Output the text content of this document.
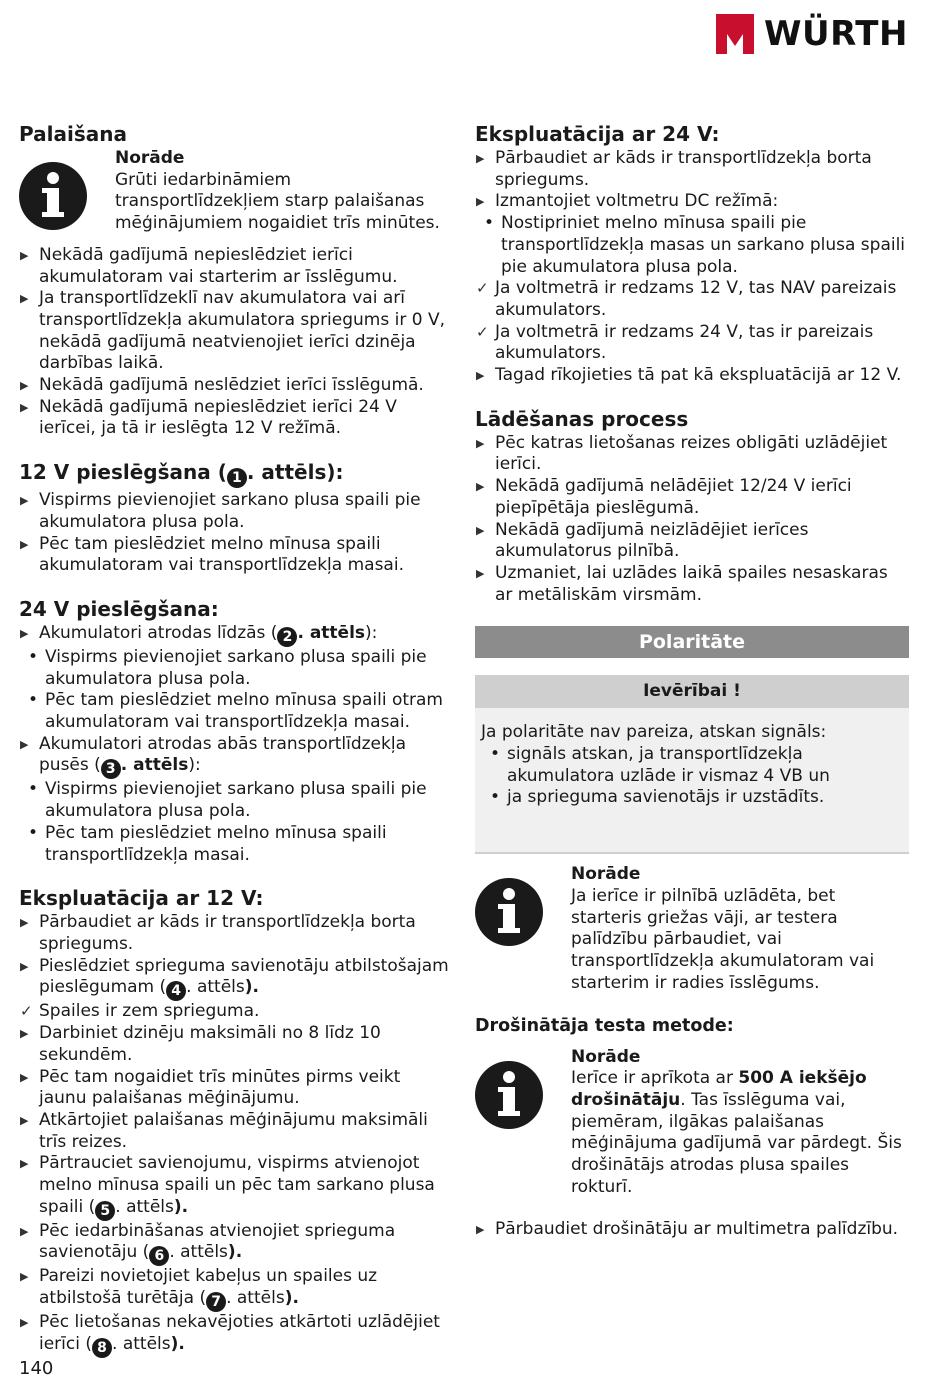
WÜRTH
Palaišana
Norāde
Grūti iedarbināmiem transportlīdzekļiem starp palaišanas mēģinājumiem nogaidiet trīs minūtes.
▶ Nekādā gadījumā nepieslēdziet ierīci akumulatoram vai starterim ar īsslēgumu.
▶ Ja transportlīdzeklī nav akumulatora vai arī transportlīdzekļa akumulatora spriegums ir 0 V, nekādā gadījumā neatvienojiet ierīci dzinēja darbības laikā.
▶ Nekādā gadījumā neslēdziet ierīci īsslēgumā.
▶ Nekādā gadījumā nepieslēdziet ierīci 24 V ierīcei, ja tā ir ieslēgta 12 V režīmā.
12 V pieslēgšana ( 1 . attēls):
▶ Vispirms pievienojiet sarkano plusa spaili pie akumulatora plusa pola.
▶ Pēc tam pieslēdziet melno mīnusa spaili akumulatoram vai transportlīdzekļa masai.
24 V pieslēgšana:
▶ Akumulatori atrodas līdzās ( 2 . attēls):
• Vispirms pievienojiet sarkano plusa spaili pie akumulatora plusa pola.
• Pēc tam pieslēdziet melno mīnusa spaili otram akumulatoram vai transportlīdzekļa masai.
▶ Akumulatori atrodas abās transportlīdzekļa pusēs ( 3 . attēls):
• Vispirms pievienojiet sarkano plusa spaili pie akumulatora plusa pola.
• Pēc tam pieslēdziet melno mīnusa spaili transportlīdzekļa masai.
Ekspluatācija ar 12 V:
▶ Pārbaudiet ar kāds ir transportlīdzekļa borta spriegums.
▶ Pieslēdziet sprieguma savienotāju atbilstošajam pieslēgumam ( 4 . attēls).
✓ Spailes ir zem sprieguma.
▶ Darbiniet dzinēju maksimāli no 8 līdz 10 sekundēm.
▶ Pēc tam nogaidiet trīs minūtes pirms veikt jaunu palaišanas mēģinājumu.
▶ Atkārtojiet palaišanas mēģinājumu maksimāli trīs reizes.
▶ Pārtrauciet savienojumu, vispirms atvienojot melno mīnusa spaili un pēc tam sarkano plusa spaili ( 5 . attēls).
▶ Pēc iedarbināšanas atvienojiet sprieguma savienotāju ( 6 . attēls).
▶ Pareizi novietojiet kabeļus un spailes uz atbilstošā turētāja ( 7 . attēls).
▶ Pēc lietošanas nekavējoties atkārtoti uzlādējiet ierīci ( 8 . attēls).
Ekspluatācija ar 24 V:
▶ Pārbaudiet ar kāds ir transportlīdzekļa borta spriegums.
▶ Izmantojiet voltmetru DC režīmā:
• Nostipriniet melno mīnusa spaili pie transportlīdzekļa masas un sarkano plusa spaili pie akumulatora plusa pola.
✓ Ja voltmetrā ir redzams 12 V, tas NAV pareizais akumulators.
✓ Ja voltmetrā ir redzams 24 V, tas ir pareizais akumulators.
▶ Tagad rīkojieties tā pat kā ekspluatācijā ar 12 V.
Lādēšanas process
▶ Pēc katras lietošanas reizes obligāti uzlādējiet ierīci.
▶ Nekādā gadījumā nelādējiet 12/24 V ierīci piepīpētāja pieslēgumā.
▶ Nekādā gadījumā neizlādējiet ierīces akumulatorus pilnībā.
▶ Uzmaniet, lai uzlādes laikā spailes nesaskaras ar metāliskām virsmām.
Polaritāte
Ievērībai !
Ja polaritāte nav pareiza, atskan signāls:
• signāls atskan, ja transportlīdzekļa akumulatora uzlāde ir vismaz 4 VB un
• ja sprieguma savienotājs ir uzstādīts.
Norāde
Ja ierīce ir pilnībā uzlādēta, bet starteris griežas vāji, ar testera palīdzību pārbaudiet, vai transportlīdzekļa akumulatoram vai starterim ir radies īsslēgums.
Drošinātāja testa metode:
Norāde
Ierīce ir aprīkota ar 500 A iekšējo drošinātāju. Tas īsslēguma vai, piemēram, ilgākas palaišanas mēģinājuma gadījumā var pārdegt. Šis drošinātājs atrodas plusa spailes rokturī.
▶ Pārbaudiet drošinātāju ar multimetra palīdzību.
140
